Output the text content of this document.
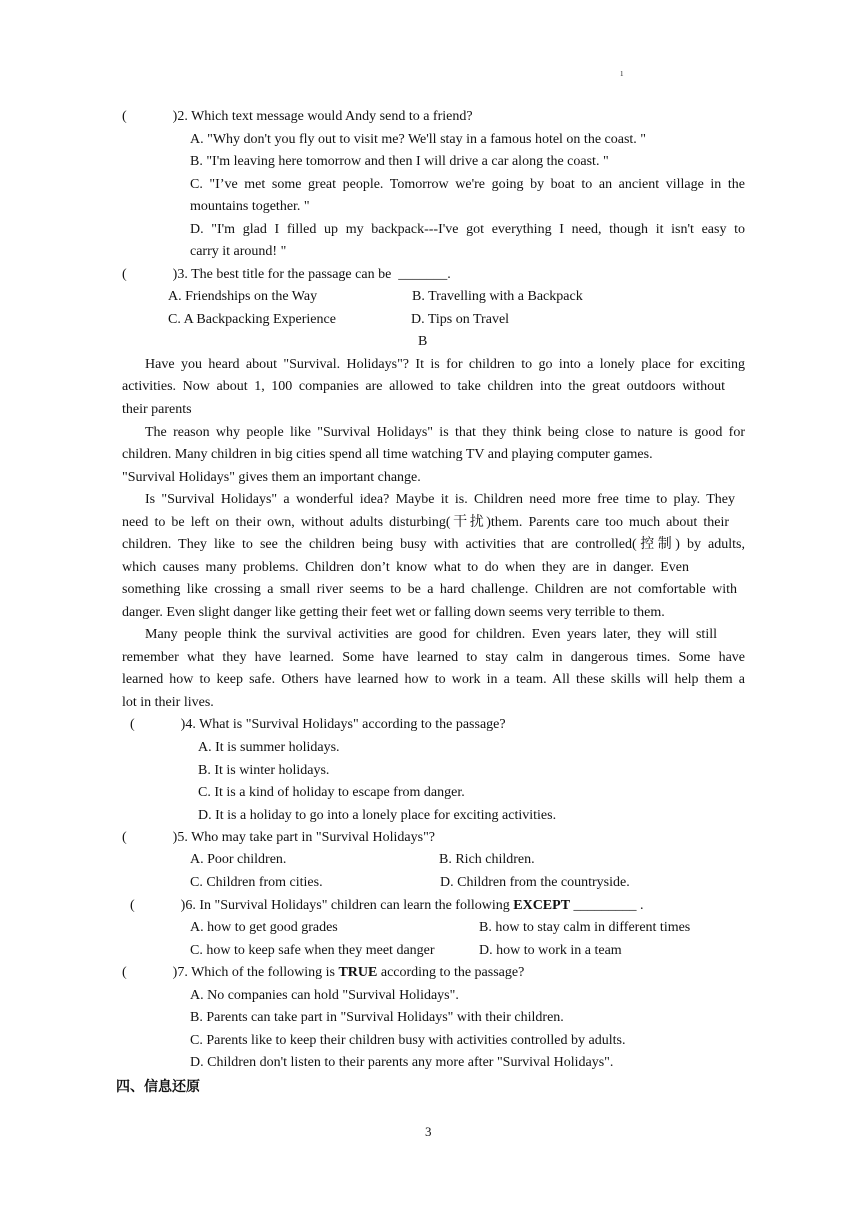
1
(	)2. Which text message would Andy send to a friend?
A. "Why don't you fly out to visit me? We'll stay in a famous hotel on the coast. "
B. "I'm leaving here tomorrow and then I will drive a car along the coast. "
C. "I’ve met some great people. Tomorrow we're going by boat to an ancient village in the
mountains together. "
D. "I'm glad I filled up my backpack---I've got everything I need, though it isn't easy to
carry it around! "
(	)3. The best title for the passage can be _______.
A. Friendships on the Way	B. Travelling with a Backpack
C. A Backpacking Experience	D. Tips on Travel
B
Have you heard about "Survival. Holidays"? It is for children to go into a lonely place for exciting
activities. Now about 1, 100 companies are allowed to take children into the great outdoors without
their parents
The reason why people like "Survival Holidays" is that they think being close to nature is good for
children. Many children in big cities spend all time watching TV and playing computer games.
"Survival Holidays" gives them an important change.
Is "Survival Holidays" a wonderful idea? Maybe it is. Children need more free time to play. They
need to be left on their own, without adults disturbing(干扰)them. Parents care too much about their
children. They like to see the children being busy with activities that are controlled(控制) by adults,
which causes many problems. Children don’t know what to do when they are in danger. Even
something like crossing a small river seems to be a hard challenge. Children are not comfortable with
danger. Even slight danger like getting their feet wet or falling down seems very terrible to them.
Many people think the survival activities are good for children. Even years later, they will still
remember what they have learned. Some have learned to stay calm in dangerous times. Some have
learned how to keep safe. Others have learned how to work in a team. All these skills will help them a
lot in their lives.
(	)4. What is "Survival Holidays" according to the passage?
A. It is summer holidays.
B. It is winter holidays.
C. It is a kind of holiday to escape from danger.
D. It is a holiday to go into a lonely place for exciting activities.
(	)5. Who may take part in "Survival Holidays"?
A. Poor children.	B. Rich children.
C. Children from cities.	D. Children from the countryside.
(	)6. In "Survival Holidays" children can learn the following EXCEPT _________ .
A. how to get good grades	B. how to stay calm in different times
C. how to keep safe when they meet danger	D. how to work in a team
(	)7. Which of the following is TRUE according to the passage?
A. No companies can hold "Survival Holidays".
B. Parents can take part in "Survival Holidays" with their children.
C. Parents like to keep their children busy with activities controlled by adults.
D. Children don't listen to their parents any more after "Survival Holidays".
四、信息还原
3
